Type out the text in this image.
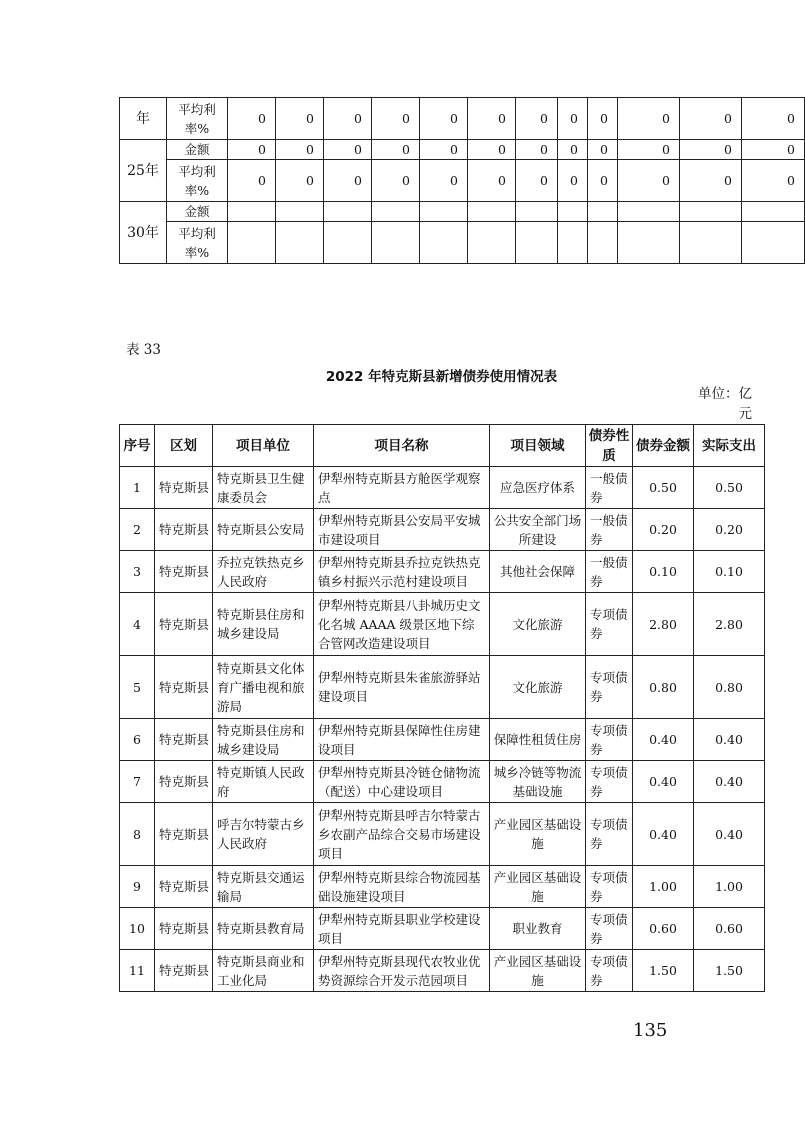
年	平均利率%	0	0	0	0	0	0	0	0	0	0	0	0
25年	金额	0	0	0	0	0	0	0	0	0	0	0	0
	平均利率%	0	0	0	0	0	0	0	0	0	0	0	0
30年	金额												
	平均利率%												
表 33
2022 年特克斯县新增债券使用情况表
单位：亿元
序号	区划	项目单位	项目名称	项目领域	债券性质	债券金额	实际支出
1	特克斯县	特克斯县卫生健康委员会	伊犁州特克斯县方舱医学观察点	应急医疗体系	一般债券	0.50	0.50
2	特克斯县	特克斯县公安局	伊犁州特克斯县公安局平安城市建设项目	公共安全部门场所建设	一般债券	0.20	0.20
3	特克斯县	乔拉克铁热克乡人民政府	伊犁州特克斯县乔拉克铁热克镇乡村振兴示范村建设项目	其他社会保障	一般债券	0.10	0.10
4	特克斯县	特克斯县住房和城乡建设局	伊犁州特克斯县八卦城历史文化名城 AAAA 级景区地下综合管网改造建设项目	文化旅游	专项债券	2.80	2.80
5	特克斯县	特克斯县文化体育广播电视和旅游局	伊犁州特克斯县朱雀旅游驿站建设项目	文化旅游	专项债券	0.80	0.80
6	特克斯县	特克斯县住房和城乡建设局	伊犁州特克斯县保障性住房建设项目	保障性租赁住房	专项债券	0.40	0.40
7	特克斯县	特克斯镇人民政府	伊犁州特克斯县冷链仓储物流（配送）中心建设项目	城乡冷链等物流基础设施	专项债券	0.40	0.40
8	特克斯县	呼吉尔特蒙古乡人民政府	伊犁州特克斯县呼吉尔特蒙古乡农副产品综合交易市场建设项目	产业园区基础设施	专项债券	0.40	0.40
9	特克斯县	特克斯县交通运输局	伊犁州特克斯县综合物流园基础设施建设项目	产业园区基础设施	专项债券	1.00	1.00
10	特克斯县	特克斯县教育局	伊犁州特克斯县职业学校建设项目	职业教育	专项债券	0.60	0.60
11	特克斯县	特克斯县商业和工业化局	伊犁州特克斯县现代农牧业优势资源综合开发示范园项目	产业园区基础设施	专项债券	1.50	1.50
135
